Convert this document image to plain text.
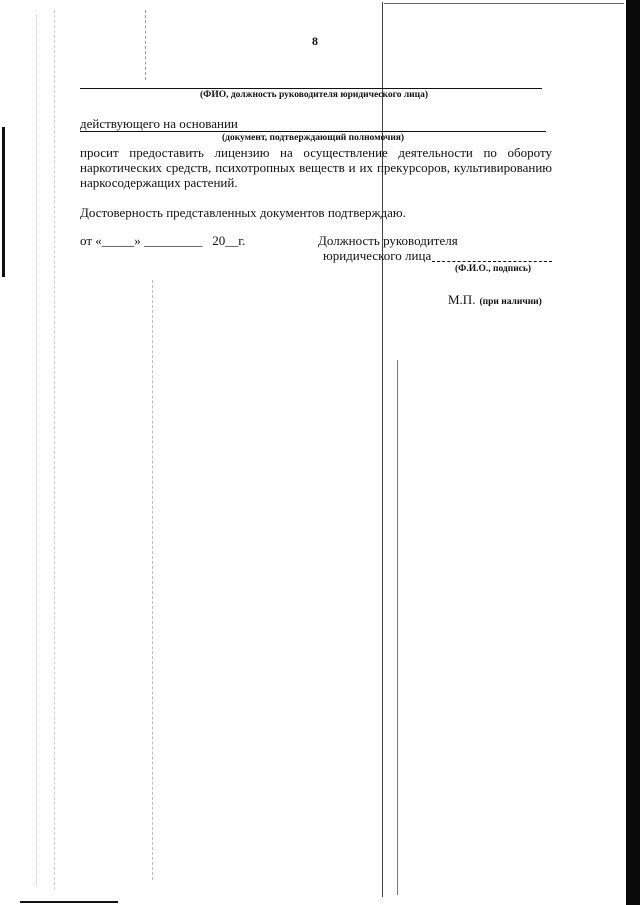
8
(ФИО, должность руководителя юридического лица)
действующего на основании
(документ, подтверждающий полномочия)
просит предоставить лицензию на осуществление деятельности по обороту
наркотических средств, психотропных веществ и их прекурсоров, культивированию
наркосодержащих растений.
Достоверность представленных документов подтверждаю.
от «_____» _________   20__г.	Должность руководителя
юридического лица
(Ф.И.О., подпись)
М.П. (при наличии)
